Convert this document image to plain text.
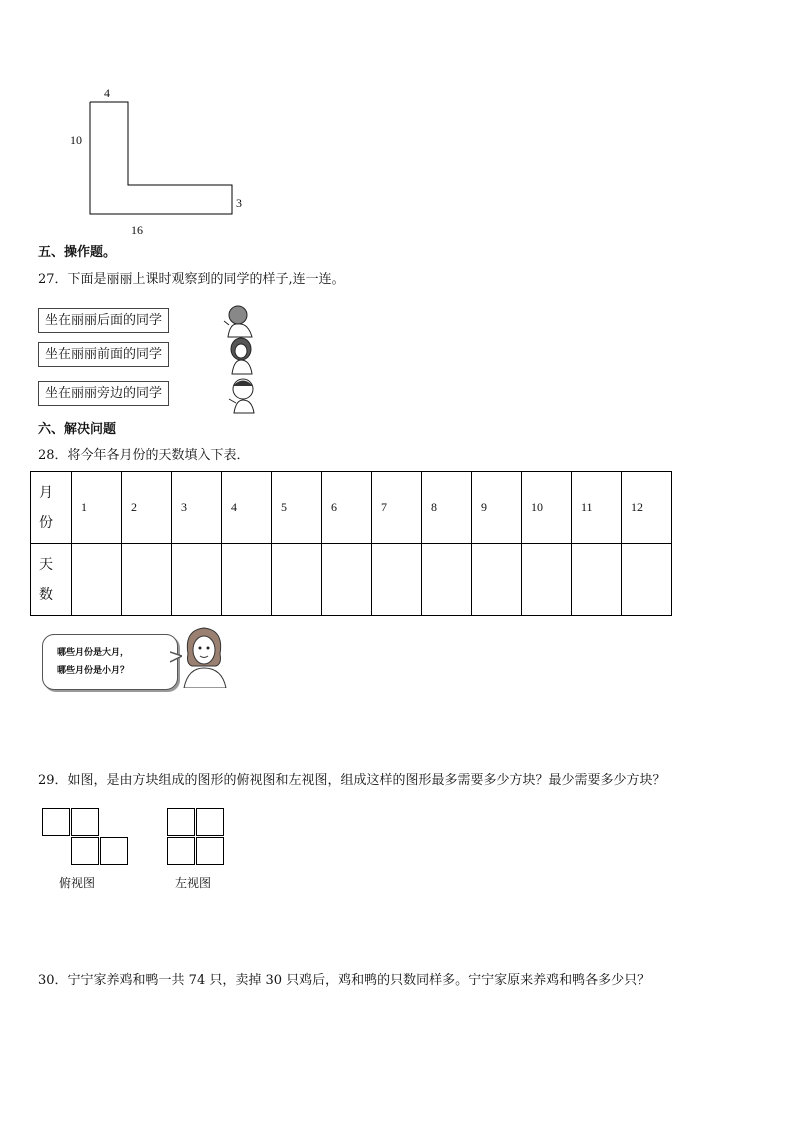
4
10
3
16
五、操作题。
27．下面是丽丽上课时观察到的同学的样子,连一连。
坐在丽丽后面的同学
坐在丽丽前面的同学
坐在丽丽旁边的同学
六、解决问题
28．将今年各月份的天数填入下表．
月
份	1	2	3	4	5	6	7	8	9	10	11	12

天
数												

哪些月份是大月，
哪些月份是小月？
29．如图，是由方块组成的图形的俯视图和左视图，组成这样的图形最多需要多少方块？最少需要多少方块？
俯视图	左视图
30．宁宁家养鸡和鸭一共 74 只，卖掉 30 只鸡后，鸡和鸭的只数同样多。宁宁家原来养鸡和鸭各多少只？
